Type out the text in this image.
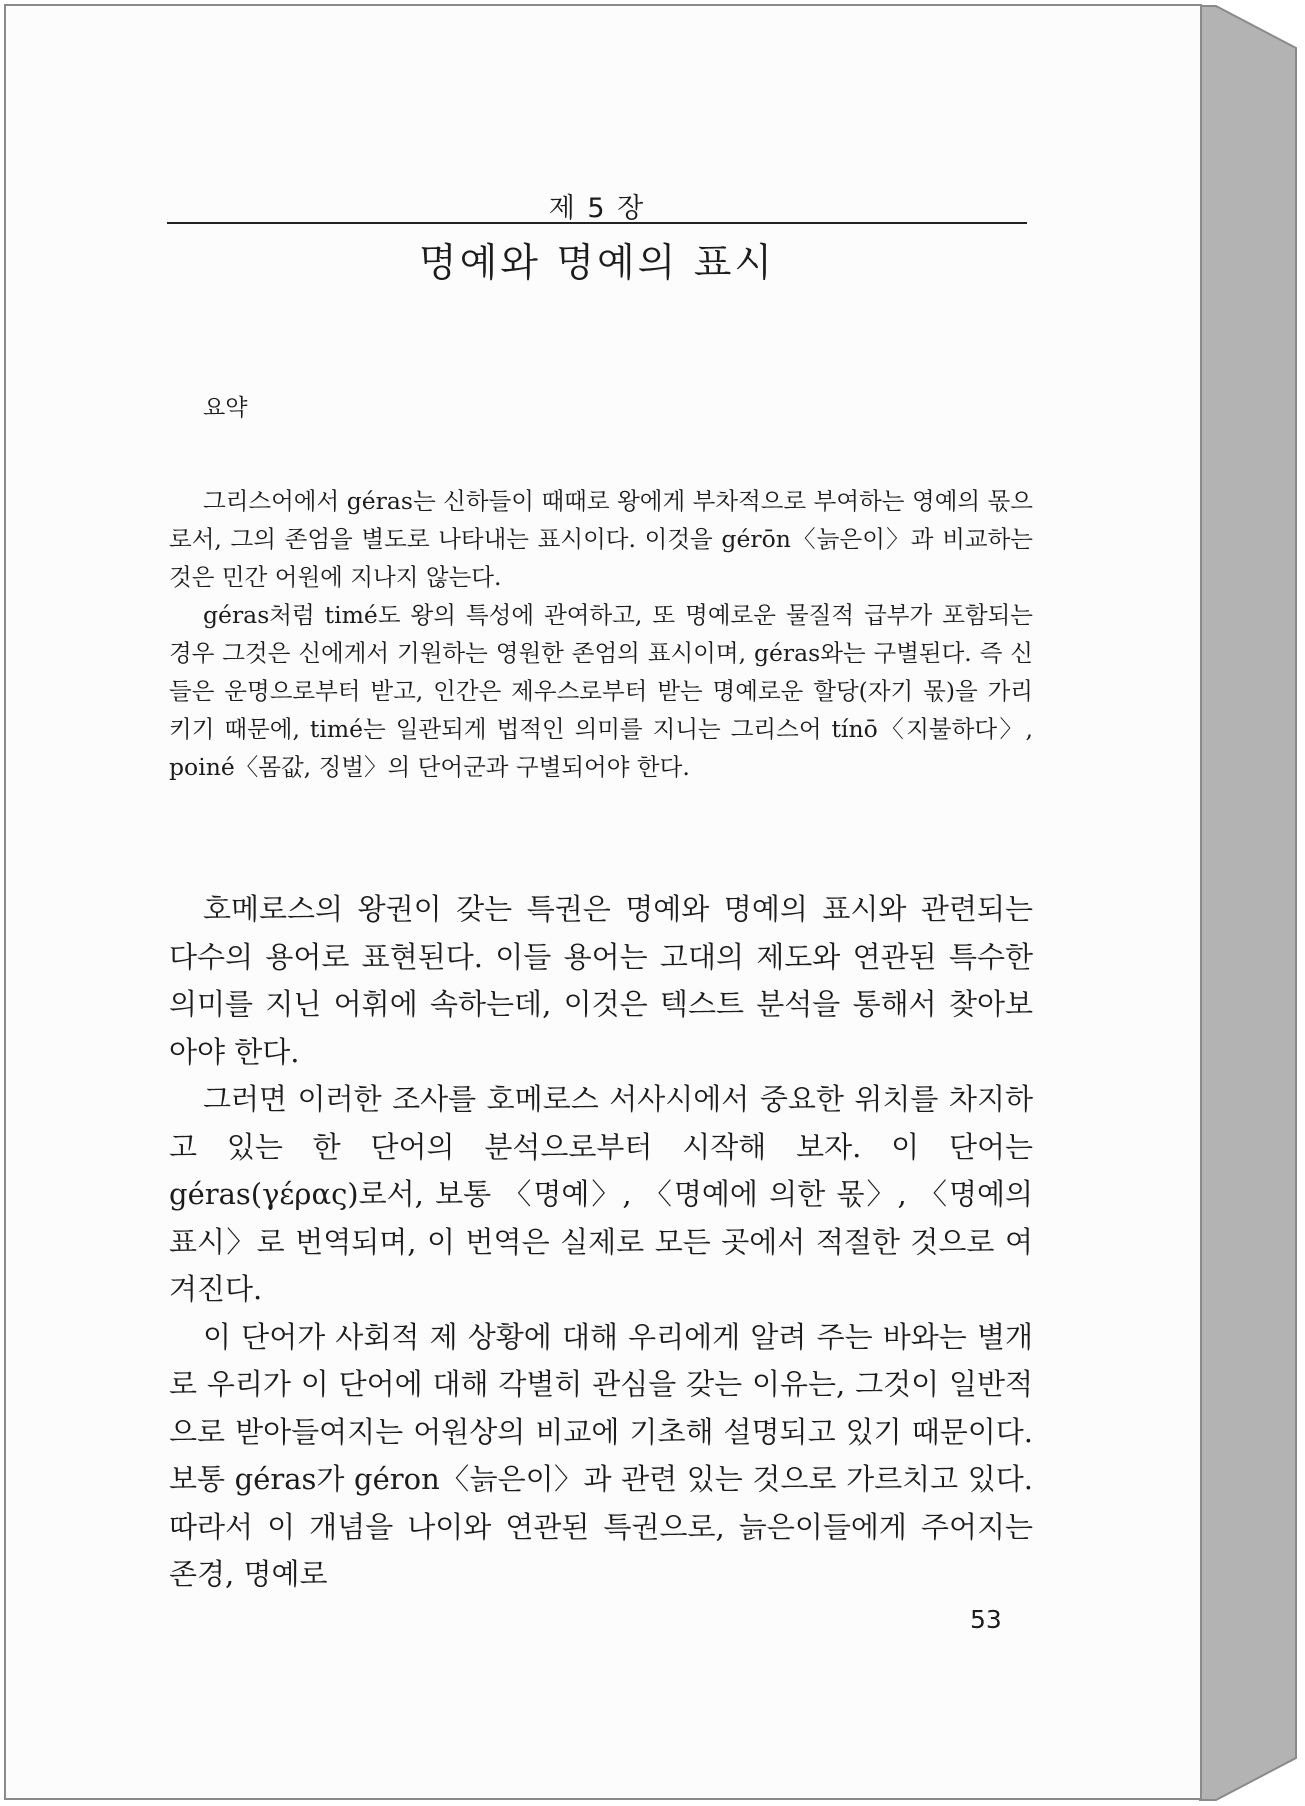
제 5 장
명예와 명예의 표시
요약

그리스어에서 géras는 신하들이 때때로 왕에게 부차적으로 부여하는 영예의 몫으로서, 그의 존엄을 별도로 나타내는 표시이다. 이것을 gérōn〈늙은이〉과 비교하는 것은 민간 어원에 지나지 않는다.

géras처럼 timé도 왕의 특성에 관여하고, 또 명예로운 물질적 급부가 포함되는 경우 그것은 신에게서 기원하는 영원한 존엄의 표시이며, géras와는 구별된다. 즉 신들은 운명으로부터 받고, 인간은 제우스로부터 받는 명예로운 할당(자기 몫)을 가리키기 때문에, timé는 일관되게 법적인 의미를 지니는 그리스어 tínō〈지불하다〉, poiné〈몸값, 징벌〉의 단어군과 구별되어야 한다.

호메로스의 왕권이 갖는 특권은 명예와 명예의 표시와 관련되는 다수의 용어로 표현된다. 이들 용어는 고대의 제도와 연관된 특수한 의미를 지닌 어휘에 속하는데, 이것은 텍스트 분석을 통해서 찾아보아야 한다.

그러면 이러한 조사를 호메로스 서사시에서 중요한 위치를 차지하고 있는 한 단어의 분석으로부터 시작해 보자. 이 단어는 géras(γέρας)로서, 보통 〈명예〉, 〈명예에 의한 몫〉, 〈명예의 표시〉로 번역되며, 이 번역은 실제로 모든 곳에서 적절한 것으로 여겨진다.

이 단어가 사회적 제 상황에 대해 우리에게 알려 주는 바와는 별개로 우리가 이 단어에 대해 각별히 관심을 갖는 이유는, 그것이 일반적으로 받아들여지는 어원상의 비교에 기초해 설명되고 있기 때문이다. 보통 géras가 géron〈늙은이〉과 관련 있는 것으로 가르치고 있다. 따라서 이 개념을 나이와 연관된 특권으로, 늙은이들에게 주어지는 존경, 명예로

53
